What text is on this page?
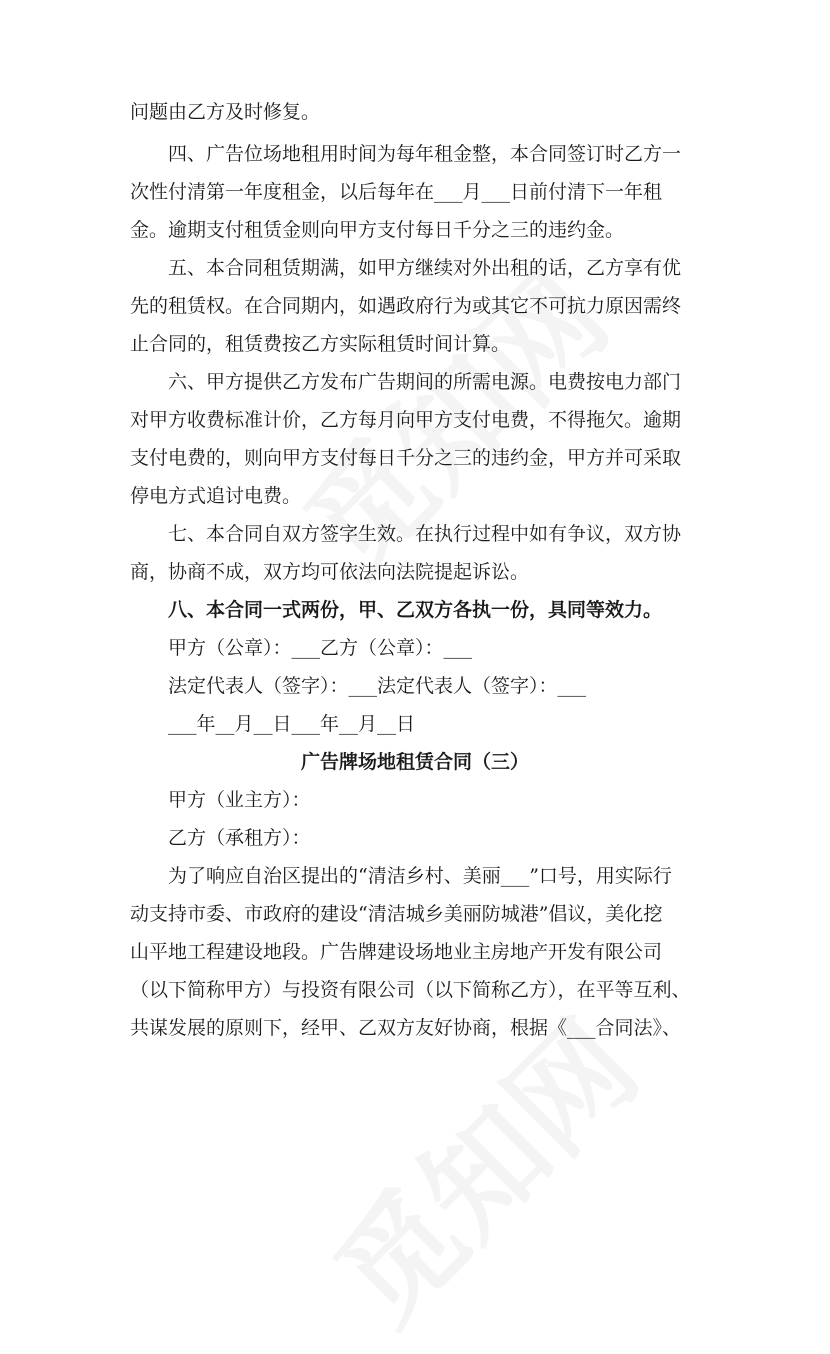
问题由乙方及时修复。
四、广告位场地租用时间为每年租金整，本合同签订时乙方一
次性付清第一年度租金，以后每年在___月___日前付清下一年租
金。逾期支付租赁金则向甲方支付每日千分之三的违约金。
五、本合同租赁期满，如甲方继续对外出租的话，乙方享有优
先的租赁权。在合同期内，如遇政府行为或其它不可抗力原因需终
止合同的，租赁费按乙方实际租赁时间计算。
六、甲方提供乙方发布广告期间的所需电源。电费按电力部门
对甲方收费标准计价，乙方每月向甲方支付电费，不得拖欠。逾期
支付电费的，则向甲方支付每日千分之三的违约金，甲方并可采取
停电方式追讨电费。
七、本合同自双方签字生效。在执行过程中如有争议，双方协
商，协商不成，双方均可依法向法院提起诉讼。
八、本合同一式两份，甲、乙双方各执一份，具同等效力。
甲方（公章）：___乙方（公章）：___
法定代表人（签字）：___法定代表人（签字）：___
___年__月__日___年__月__日
广告牌场地租赁合同（三）
甲方（业主方）：
乙方（承租方）：
为了响应自治区提出的“清洁乡村、美丽___”口号，用实际行
动支持市委、市政府的建设“清洁城乡美丽防城港”倡议，美化挖
山平地工程建设地段。广告牌建设场地业主房地产开发有限公司
（以下简称甲方）与投资有限公司（以下简称乙方），在平等互利、
共谋发展的原则下，经甲、乙双方友好协商，根据《___合同法》、
